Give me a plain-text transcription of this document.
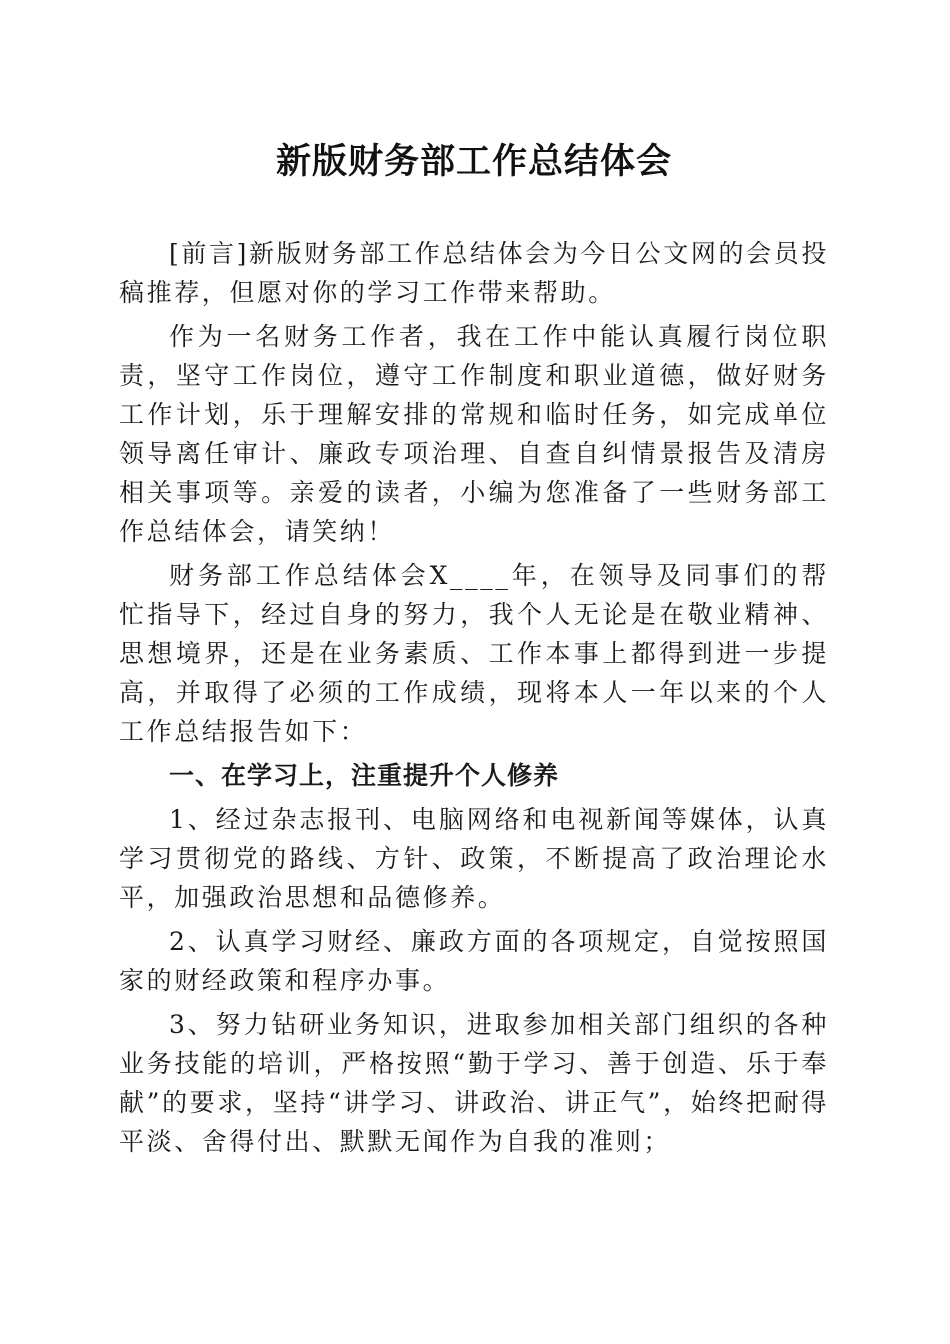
新版财务部工作总结体会

[前言]新版财务部工作总结体会为今日公文网的会员投稿推荐，但愿对你的学习工作带来帮助。

作为一名财务工作者，我在工作中能认真履行岗位职责，坚守工作岗位，遵守工作制度和职业道德，做好财务工作计划，乐于理解安排的常规和临时任务，如完成单位领导离任审计、廉政专项治理、自查自纠情景报告及清房相关事项等。亲爱的读者，小编为您准备了一些财务部工作总结体会，请笑纳！

财务部工作总结体会X____年，在领导及同事们的帮忙指导下，经过自身的努力，我个人无论是在敬业精神、思想境界，还是在业务素质、工作本事上都得到进一步提高，并取得了必须的工作成绩，现将本人一年以来的个人工作总结报告如下：

一、在学习上，注重提升个人修养

1、经过杂志报刊、电脑网络和电视新闻等媒体，认真学习贯彻党的路线、方针、政策，不断提高了政治理论水平，加强政治思想和品德修养。

2、认真学习财经、廉政方面的各项规定，自觉按照国家的财经政策和程序办事。

3、努力钻研业务知识，进取参加相关部门组织的各种业务技能的培训，严格按照“勤于学习、善于创造、乐于奉献”的要求，坚持“讲学习、讲政治、讲正气”，始终把耐得平淡、舍得付出、默默无闻作为自我的准则；
